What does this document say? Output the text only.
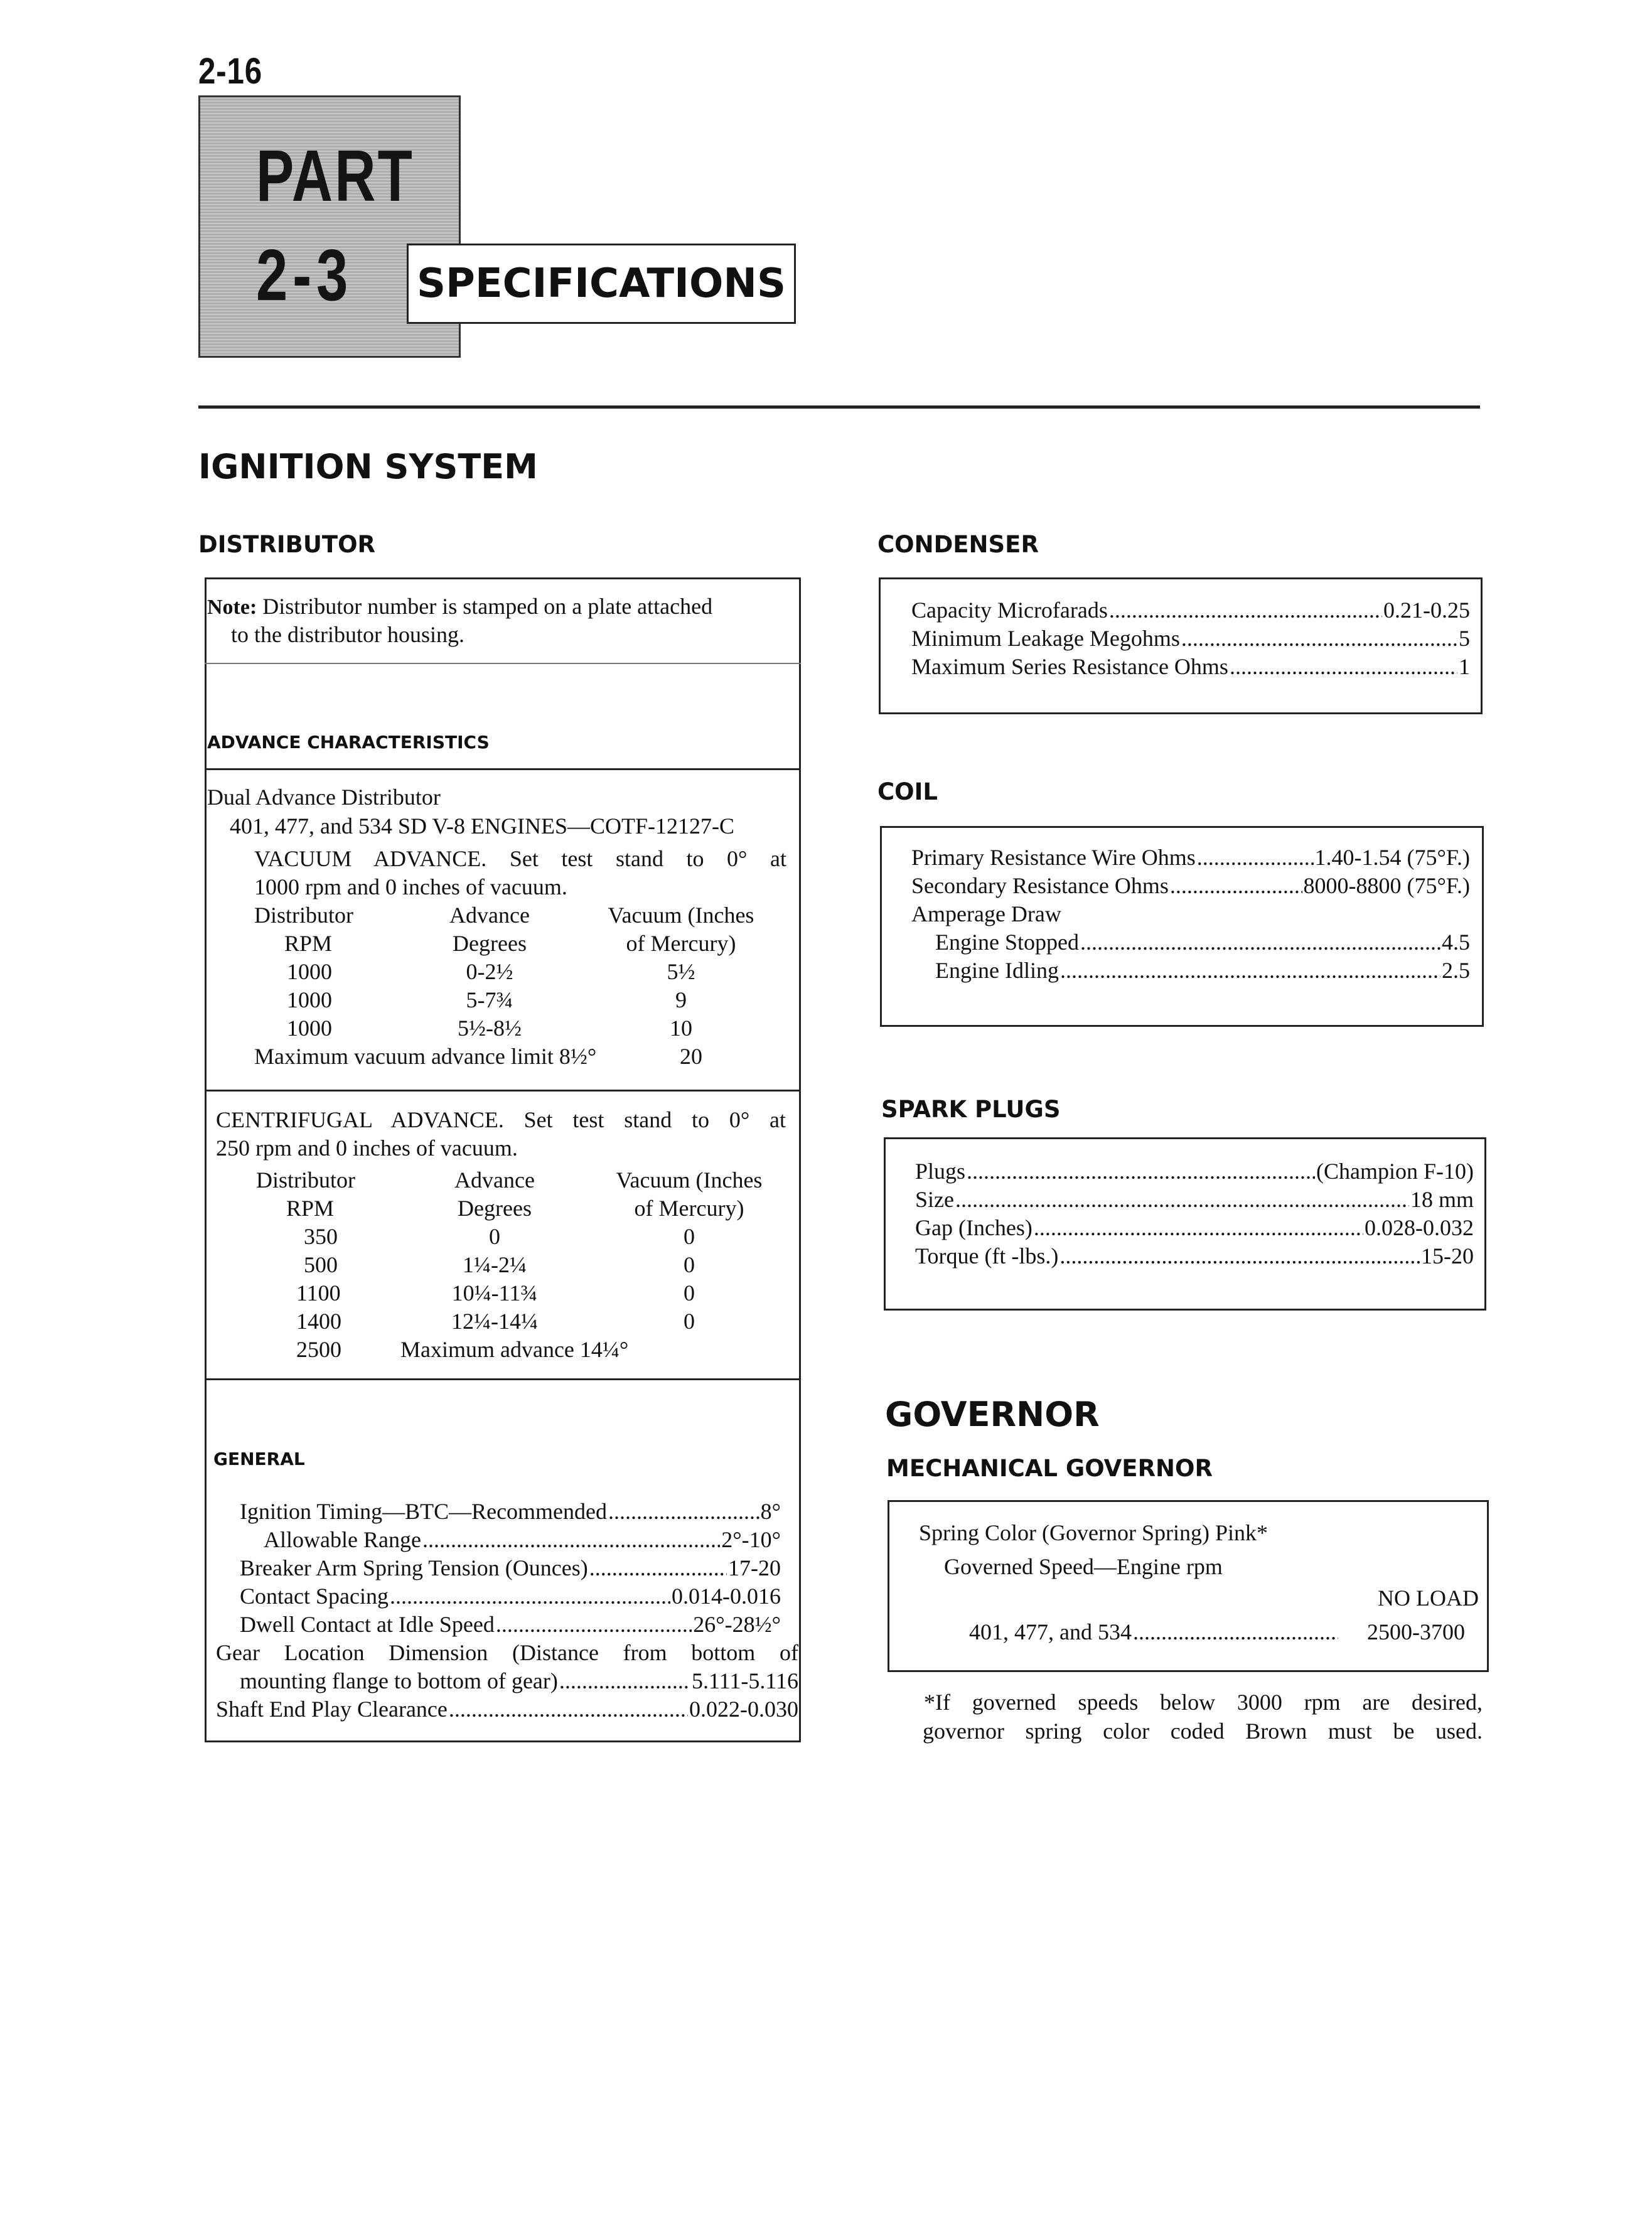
2-16
PART
2-3 SPECIFICATIONS
IGNITION SYSTEM
DISTRIBUTOR
Note: Distributor number is stamped on a plate attached
to the distributor housing.
ADVANCE CHARACTERISTICS
Dual Advance Distributor
401, 477, and 534 SD V-8 ENGINES—COTF-12127-C
VACUUM ADVANCE. Set test stand to 0° at
1000 rpm and 0 inches of vacuum.
Distributor	Advance	Vacuum (Inches
RPM	Degrees	of Mercury)
1000	0-2½	5½
1000	5-7¾	9
1000	5½-8½	10
Maximum vacuum advance limit 8½°	20
CENTRIFUGAL ADVANCE. Set test stand to 0° at
250 rpm and 0 inches of vacuum.
Distributor	Advance	Vacuum (Inches
RPM	Degrees	of Mercury)
350	0	0
500	1¼-2¼	0
1100	10¼-11¾	0
1400	12¼-14¼	0
2500	Maximum advance 14¼°
GENERAL
Ignition Timing—BTC—Recommended .....	8°
Allowable Range .....	2°-10°
Breaker Arm Spring Tension (Ounces) .....	17-20
Contact Spacing .....	0.014-0.016
Dwell Contact at Idle Speed .....	26°-28½°
Gear Location Dimension (Distance from bottom of
mounting flange to bottom of gear) .....	5.111-5.116
Shaft End Play Clearance .....	0.022-0.030
CONDENSER
Capacity Microfarads .....	0.21-0.25
Minimum Leakage Megohms .....	5
Maximum Series Resistance Ohms .....	1
COIL
Primary Resistance Wire Ohms .....	1.40-1.54 (75°F.)
Secondary Resistance Ohms .....	8000-8800 (75°F.)
Amperage Draw
Engine Stopped .....	4.5
Engine Idling .....	2.5
SPARK PLUGS
Plugs .....	(Champion F-10)
Size .....	18 mm
Gap (Inches) .....	0.028-0.032
Torque (ft -lbs.) .....	15-20
GOVERNOR
MECHANICAL GOVERNOR
Spring Color (Governor Spring) Pink*
Governed Speed—Engine rpm
NO LOAD
401, 477, and 534 .....	2500-3700
*If governed speeds below 3000 rpm are desired,
governor spring color coded Brown must be used.
